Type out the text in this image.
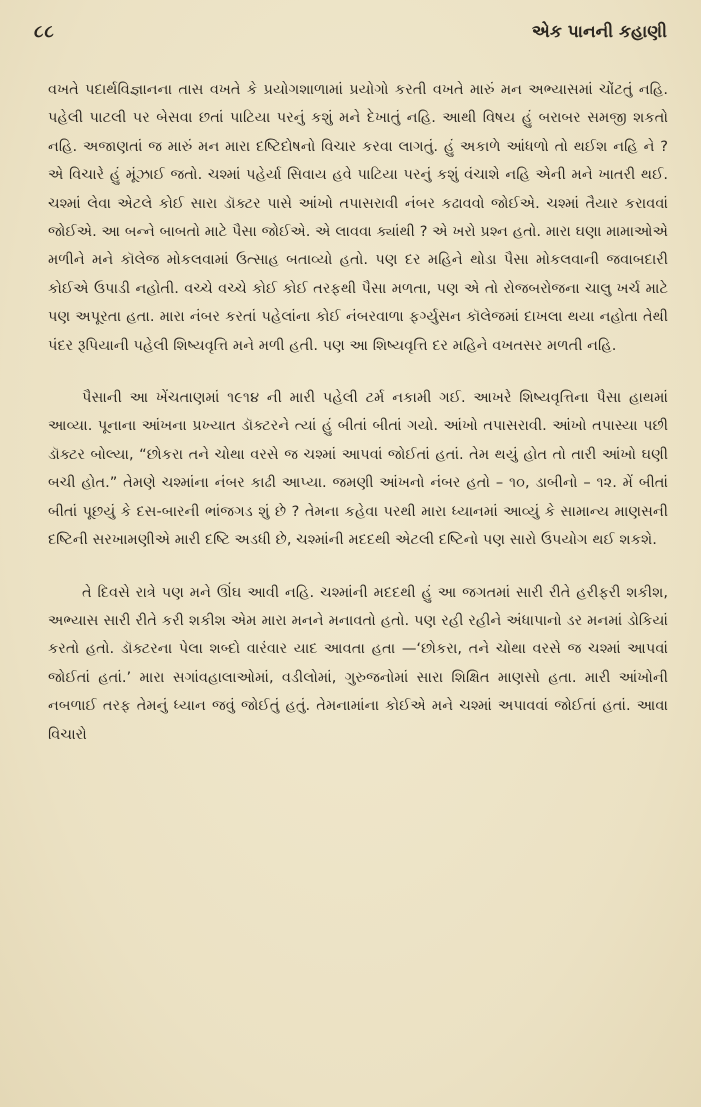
૮૮	એક પાનની કહાણી

વખતે પદાર્થવિજ્ઞાનના તાસ વખતે કે પ્રયોગશાળામાં પ્રયોગો કરતી વખતે મારું મન અભ્યાસમાં ચોંટતું નહિ. પહેલી પાટલી પર બેસવા છતાં પાટિયા પરનું કશું મને દેખાતું નહિ. આથી વિષય હું બરાબર સમજી શકતો નહિ. અજાણતાં જ મારું મન મારા દષ્ટિદોષનો વિચાર કરવા લાગતું. હું અકાળે આંધળો તો થઈશ નહિ ને ? એ વિચારે હું મૂંઝાઈ જતો. ચશ્માં પહેર્યા સિવાય હવે પાટિયા પરનું કશું વંચાશે નહિ એની મને ખાતરી થઈ. ચશ્માં લેવા એટલે કોઈ સારા ડૉક્ટર પાસે આંખો તપાસરાવી નંબર કઢાવવો જોઈએ. ચશ્માં તૈયાર કરાવવાં જોઈએ. આ બન્ને બાબતો માટે પૈસા જોઈએ. એ લાવવા ક્યાંથી ? એ ખરો પ્રશ્ન હતો. મારા ઘણા મામાઓએ મળીને મને કૉલેજ મોકલવામાં ઉત્સાહ બતાવ્યો હતો. પણ દર મહિને થોડા પૈસા મોકલવાની જવાબદારી કોઈએ ઉપાડી નહોતી. વચ્ચે વચ્ચે કોઈ કોઈ તરફથી પૈસા મળતા, પણ એ તો રોજબરોજના ચાલુ ખર્ચ માટે પણ અપૂરતા હતા. મારા નંબર કરતાં પહેલાંના કોઈ નંબરવાળા ફર્ગ્યુસન કૉલેજમાં દાખલા થયા નહોતા તેથી પંદર રૂપિયાની પહેલી શિષ્યવૃત્તિ મને મળી હતી. પણ આ શિષ્યવૃત્તિ દર મહિને વખતસર મળતી નહિ.

પૈસાની આ ખેંચતાણમાં ૧૯૧૪ ની મારી પહેલી ટર્મ નકામી ગઈ. આખરે શિષ્યવૃત્તિના પૈસા હાથમાં આવ્યા. પૂનાના આંખના પ્રખ્યાત ડૉક્ટરને ત્યાં હું બીતાં બીતાં ગયો. આંખો તપાસરાવી. આંખો તપાસ્યા પછી ડૉક્ટર બોલ્યા, “છોકરા તને ચોથા વરસે જ ચશ્માં આપવાં જોઈતાં હતાં. તેમ થયું હોત તો તારી આંખો ઘણી બચી હોત.” તેમણે ચશ્માંના નંબર કાઢી આપ્યા. જમણી આંખનો નંબર હતો – ૧૦, ડાબીનો – ૧૨. મેં બીતાં બીતાં પૂછયું કે દસ-બારની ભાંજગડ શું છે ? તેમના કહેવા પરથી મારા ધ્યાનમાં આવ્યું કે સામાન્ય માણસની દષ્ટિની સરખામણીએ મારી દષ્ટિ અડધી છે, ચશ્માંની મદદથી એટલી દષ્ટિનો પણ સારો ઉપયોગ થઈ શકશે.

તે દિવસે રાત્રે પણ મને ઊંઘ આવી નહિ. ચશ્માંની મદદથી હું આ જગતમાં સારી રીતે હરીફરી શકીશ, અભ્યાસ સારી રીતે કરી શકીશ એમ મારા મનને મનાવતો હતો. પણ રહી રહીને અંધાપાનો ડર મનમાં ડોકિયાં કરતો હતો. ડૉક્ટરના પેલા શબ્દો વારંવાર યાદ આવતા હતા —‘છોકરા, તને ચોથા વરસે જ ચશ્માં આપવાં જોઈતાં હતાં.’ મારા સગાંવહાલાઓમાં, વડીલોમાં, ગુરુજનોમાં સારા શિક્ષિત માણસો હતા. મારી આંખોની નબળાઈ તરફ તેમનું ધ્યાન જવું જોઈતું હતું. તેમનામાંના કોઈએ મને ચશ્માં અપાવવાં જોઈતાં હતાં. આવા વિચારો
